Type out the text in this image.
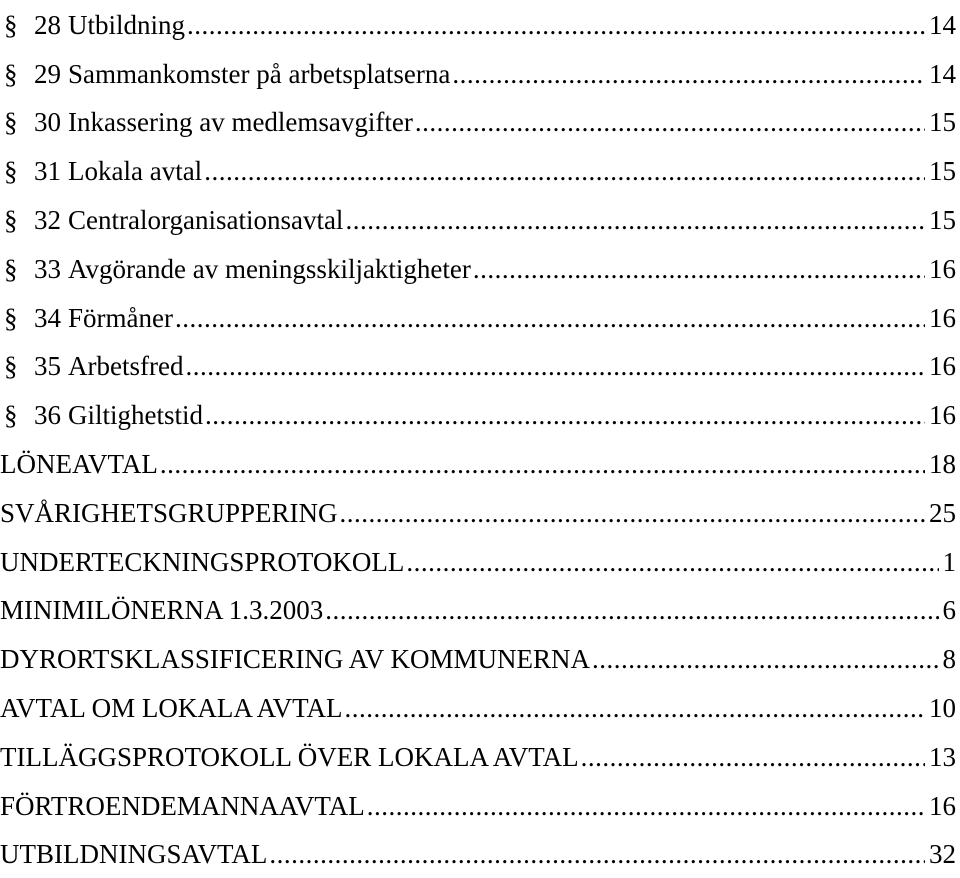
§ 28 Utbildning .....	14
§ 29 Sammankomster på arbetsplatserna .....	14
§ 30 Inkassering av medlemsavgifter .....	15
§ 31 Lokala avtal .....	15
§ 32 Centralorganisationsavtal .....	15
§ 33 Avgörande av meningsskiljaktigheter .....	16
§ 34 Förmåner .....	16
§ 35 Arbetsfred .....	16
§ 36 Giltighetstid .....	16
LÖNEAVTAL .....	18
SVÅRIGHETSGRUPPERING .....	25
UNDERTECKNINGSPROTOKOLL .....	1
MINIMILÖNERNA 1.3.2003 .....	6
DYRORTSKLASSIFICERING AV KOMMUNERNA .....	8
AVTAL OM LOKALA AVTAL .....	10
TILLÄGGSPROTOKOLL ÖVER LOKALA AVTAL .....	13
FÖRTROENDEMANNAAVTAL .....	16
UTBILDNINGSAVTAL .....	32
